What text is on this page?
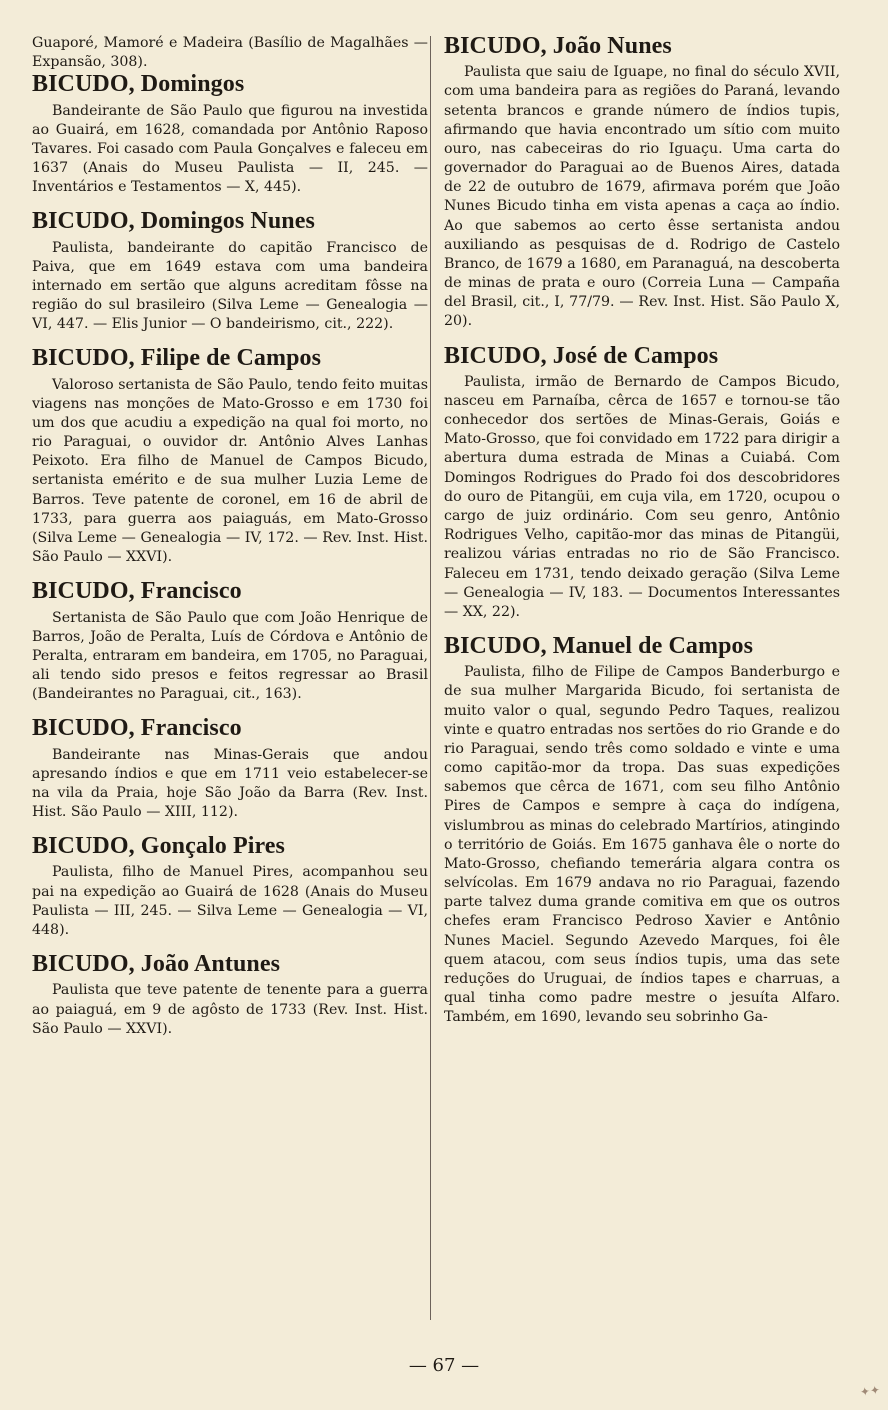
Guaporé, Mamoré e Madeira (Basílio de Magalhães — Expansão, 308).

BICUDO, Domingos

Bandeirante de São Paulo que figurou na investida ao Guairá, em 1628, comandada por Antônio Raposo Tavares. Foi casado com Paula Gonçalves e faleceu em 1637 (Anais do Museu Paulista — II, 245. — Inventários e Testamentos — X, 445).

BICUDO, Domingos Nunes

Paulista, bandeirante do capitão Francisco de Paiva, que em 1649 estava com uma bandeira internado em sertão que alguns acreditam fôsse na região do sul brasileiro (Silva Leme — Genealogia — VI, 447. — Elis Junior — O bandeirismo, cit., 222).

BICUDO, Filipe de Campos

Valoroso sertanista de São Paulo, tendo feito muitas viagens nas monções de Mato-Grosso e em 1730 foi um dos que acudiu a expedição na qual foi morto, no rio Paraguai, o ouvidor dr. Antônio Alves Lanhas Peixoto. Era filho de Manuel de Campos Bicudo, sertanista emérito e de sua mulher Luzia Leme de Barros. Teve patente de coronel, em 16 de abril de 1733, para guerra aos paiaguás, em Mato-Grosso (Silva Leme — Genealogia — IV, 172. — Rev. Inst. Hist. São Paulo — XXVI).

BICUDO, Francisco

Sertanista de São Paulo que com João Henrique de Barros, João de Peralta, Luís de Córdova e Antônio de Peralta, entraram em bandeira, em 1705, no Paraguai, ali tendo sido presos e feitos regressar ao Brasil (Bandeirantes no Paraguai, cit., 163).

BICUDO, Francisco

Bandeirante nas Minas-Gerais que andou apresando índios e que em 1711 veio estabelecer-se na vila da Praia, hoje São João da Barra (Rev. Inst. Hist. São Paulo — XIII, 112).

BICUDO, Gonçalo Pires

Paulista, filho de Manuel Pires, acompanhou seu pai na expedição ao Guairá de 1628 (Anais do Museu Paulista — III, 245. — Silva Leme — Genealogia — VI, 448).

BICUDO, João Antunes

Paulista que teve patente de tenente para a guerra ao paiaguá, em 9 de agôsto de 1733 (Rev. Inst. Hist. São Paulo — XXVI).

BICUDO, João Nunes

Paulista que saiu de Iguape, no final do século XVII, com uma bandeira para as regiões do Paraná, levando setenta brancos e grande número de índios tupis, afirmando que havia encontrado um sítio com muito ouro, nas cabeceiras do rio Iguaçu. Uma carta do governador do Paraguai ao de Buenos Aires, datada de 22 de outubro de 1679, afirmava porém que João Nunes Bicudo tinha em vista apenas a caça ao índio. Ao que sabemos ao certo êsse sertanista andou auxiliando as pesquisas de d. Rodrigo de Castelo Branco, de 1679 a 1680, em Paranaguá, na descoberta de minas de prata e ouro (Correia Luna — Campaña del Brasil, cit., I, 77/79. — Rev. Inst. Hist. São Paulo X, 20).

BICUDO, José de Campos

Paulista, irmão de Bernardo de Campos Bicudo, nasceu em Parnaíba, cêrca de 1657 e tornou-se tão conhecedor dos sertões de Minas-Gerais, Goiás e Mato-Grosso, que foi convidado em 1722 para dirigir a abertura duma estrada de Minas a Cuiabá. Com Domingos Rodrigues do Prado foi dos descobridores do ouro de Pitangüi, em cuja vila, em 1720, ocupou o cargo de juiz ordinário. Com seu genro, Antônio Rodrigues Velho, capitão-mor das minas de Pitangüi, realizou várias entradas no rio de São Francisco. Faleceu em 1731, tendo deixado geração (Silva Leme — Genealogia — IV, 183. — Documentos Interessantes — XX, 22).

BICUDO, Manuel de Campos

Paulista, filho de Filipe de Campos Banderburgo e de sua mulher Margarida Bicudo, foi sertanista de muito valor o qual, segundo Pedro Taques, realizou vinte e quatro entradas nos sertões do rio Grande e do rio Paraguai, sendo três como soldado e vinte e uma como capitão-mor da tropa. Das suas expedições sabemos que cêrca de 1671, com seu filho Antônio Pires de Campos e sempre à caça do indígena, vislumbrou as minas do celebrado Martírios, atingindo o território de Goiás. Em 1675 ganhava êle o norte do Mato-Grosso, chefiando temerária algara contra os selvícolas. Em 1679 andava no rio Paraguai, fazendo parte talvez duma grande comitiva em que os outros chefes eram Francisco Pedroso Xavier e Antônio Nunes Maciel. Segundo Azevedo Marques, foi êle quem atacou, com seus índios tupis, uma das sete reduções do Uruguai, de índios tapes e charruas, a qual tinha como padre mestre o jesuíta Alfaro. Também, em 1690, levando seu sobrinho Ga-

— 67 —
✦✦
